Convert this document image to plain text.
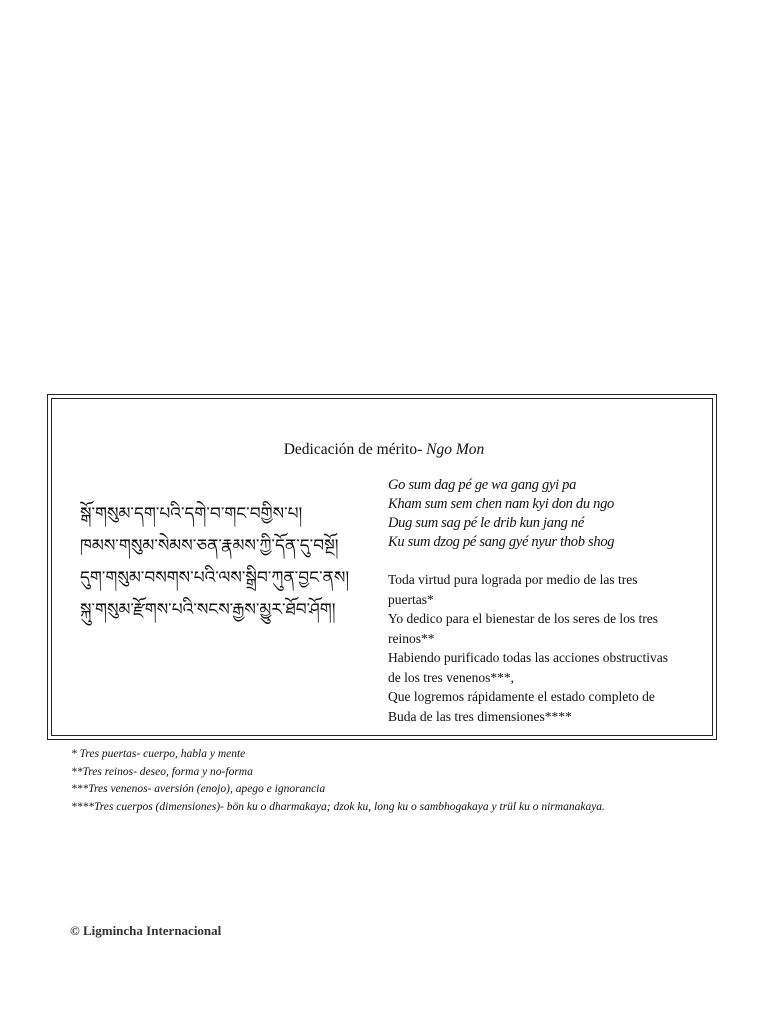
Dedicación de mérito- Ngo Mon
སྒོ་གསུམ་དག་པའི་དགེ་བ་གང་བགྱིས་པ།
ཁམས་གསུམ་སེམས་ཅན་རྣམས་ཀྱི་དོན་དུ་བསྔོ།
དུག་གསུམ་བསགས་པའི་ལས་སྒྲིབ་ཀུན་བྱང་ནས།
སྐུ་གསུམ་རྫོགས་པའི་སངས་རྒྱས་མྱུར་ཐོབ་ཤོག།
Go sum dag pé ge wa gang gyi pa
Kham sum sem chen nam kyi don du ngo
Dug sum sag pé le drib kun jang né
Ku sum dzog pé sang gyé nyur thob shog
Toda virtud pura lograda por medio de las tres
puertas*
Yo dedico para el bienestar de los seres de los tres
reinos**
Habiendo purificado todas las acciones obstructivas
de los tres venenos***,
Que logremos rápidamente el estado completo de
Buda de las tres dimensiones****
* Tres puertas- cuerpo, habla y mente
**Tres reinos- deseo, forma y no-forma
***Tres venenos- aversión (enojo), apego e ignorancia
****Tres cuerpos (dimensiones)- bön ku o dharmakaya; dzok ku, long ku o sambhogakaya y trül ku o nirmanakaya.
© Ligmincha Internacional
